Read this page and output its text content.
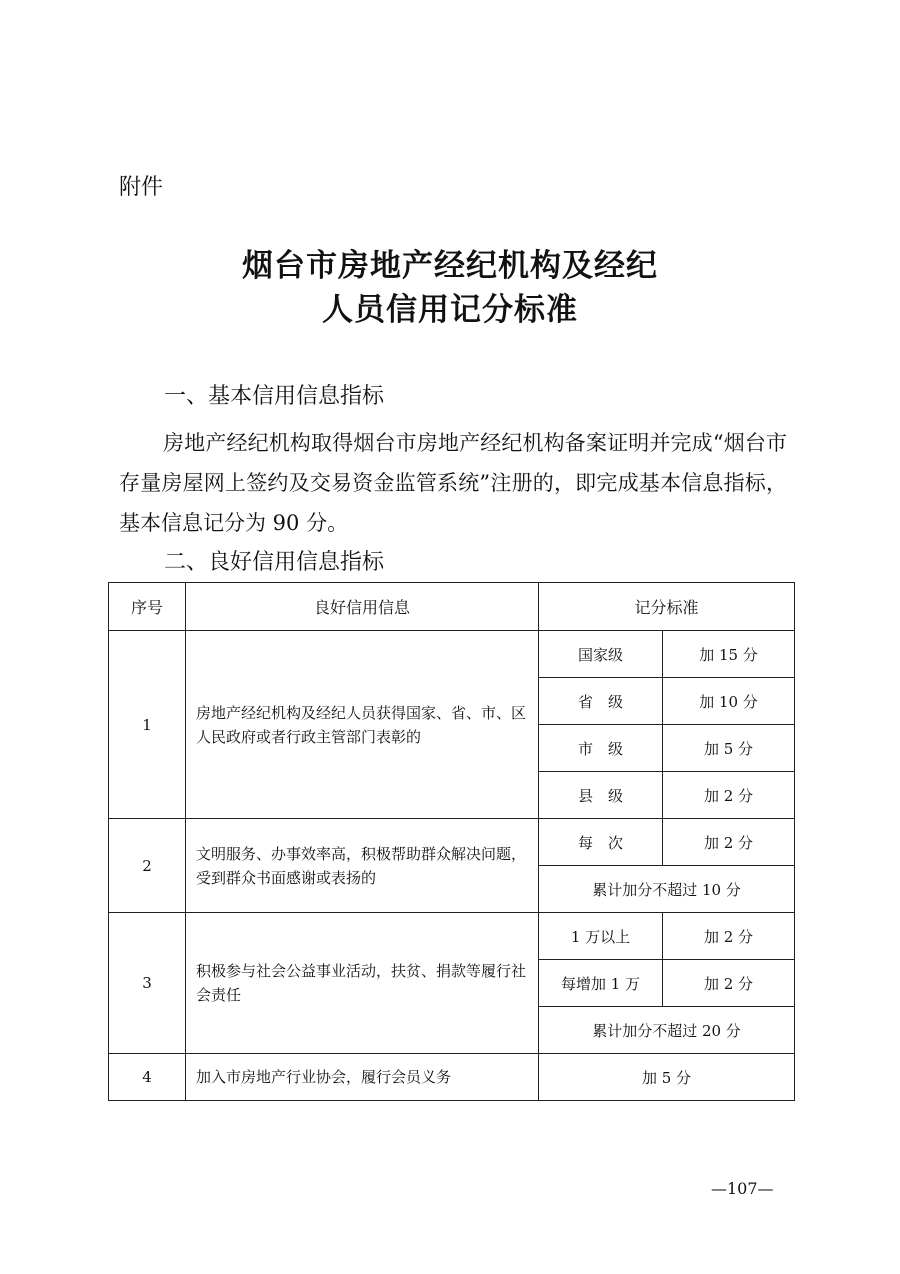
附件
烟台市房地产经纪机构及经纪
人员信用记分标准
一、基本信用信息指标
房地产经纪机构取得烟台市房地产经纪机构备案证明并完成“烟台市存量房屋网上签约及交易资金监管系统”注册的，即完成基本信息指标，基本信息记分为 90 分。
二、良好信用信息指标
序号	良好信用信息	记分标准	
1	房地产经纪机构及经纪人员获得国家、省、市、区人民政府或者行政主管部门表彰的	国家级	加 15 分
		省　级	加 10 分
		市　级	加 5 分
		县　级	加 2 分
2	文明服务、办事效率高，积极帮助群众解决问题，受到群众书面感谢或表扬的	每　次	加 2 分
		累计加分不超过 10 分	
3	积极参与社会公益事业活动，扶贫、捐款等履行社会责任	1 万以上	加 2 分
		每增加 1 万	加 2 分
		累计加分不超过 20 分	
4	加入市房地产行业协会，履行会员义务	加 5 分	
—107—
